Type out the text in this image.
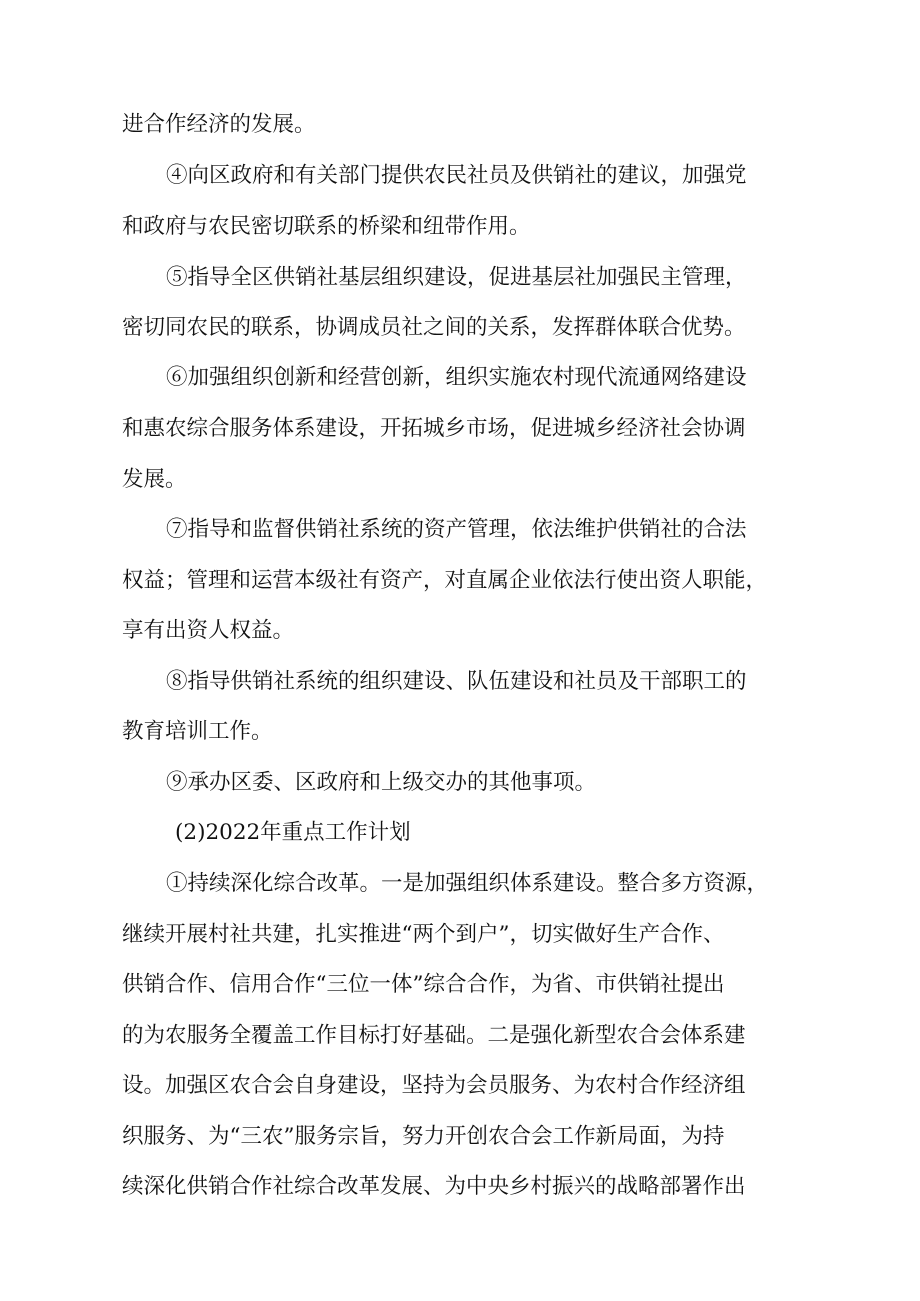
进合作经济的发展。
④向区政府和有关部门提供农民社员及供销社的建议，加强党
和政府与农民密切联系的桥梁和纽带作用。
⑤指导全区供销社基层组织建设，促进基层社加强民主管理，
密切同农民的联系，协调成员社之间的关系，发挥群体联合优势。
⑥加强组织创新和经营创新，组织实施农村现代流通网络建设
和惠农综合服务体系建设，开拓城乡市场，促进城乡经济社会协调
发展。
⑦指导和监督供销社系统的资产管理，依法维护供销社的合法
权益；管理和运营本级社有资产，对直属企业依法行使出资人职能，
享有出资人权益。
⑧指导供销社系统的组织建设、队伍建设和社员及干部职工的
教育培训工作。
⑨承办区委、区政府和上级交办的其他事项。
(2)2022年重点工作计划
①持续深化综合改革。一是加强组织体系建设。整合多方资源，
继续开展村社共建，扎实推进“两个到户”，切实做好生产合作、
供销合作、信用合作“三位一体”综合合作，为省、市供销社提出
的为农服务全覆盖工作目标打好基础。二是强化新型农合会体系建
设。加强区农合会自身建设，坚持为会员服务、为农村合作经济组
织服务、为“三农”服务宗旨，努力开创农合会工作新局面，为持
续深化供销合作社综合改革发展、为中央乡村振兴的战略部署作出
